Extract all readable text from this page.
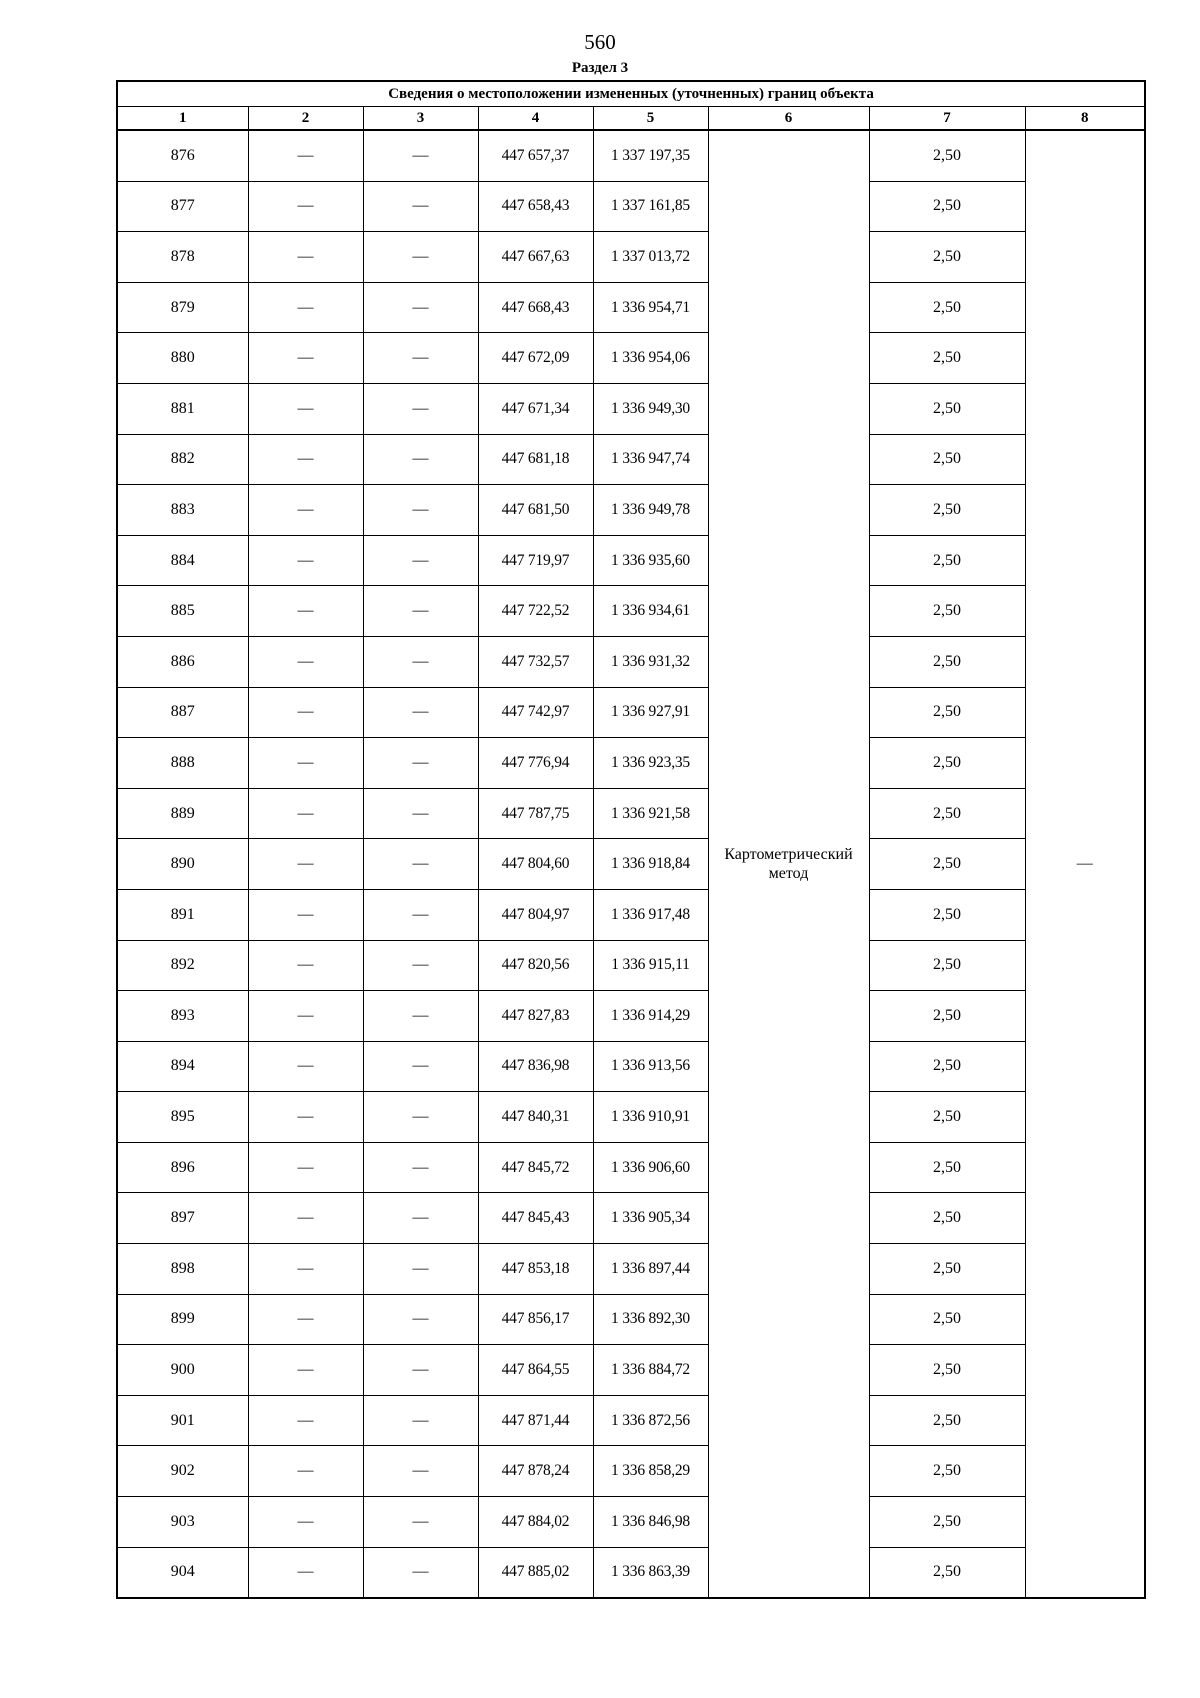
560
Раздел 3
Сведения о местоположении измененных (уточненных) границ объекта							
1	2	3	4	5	6	7	8
876	—	—	447 657,37	1 337 197,35	Картометрический метод	2,50	—
877	—	—	447 658,43	1 337 161,85		2,50	
878	—	—	447 667,63	1 337 013,72		2,50	
879	—	—	447 668,43	1 336 954,71		2,50	
880	—	—	447 672,09	1 336 954,06		2,50	
881	—	—	447 671,34	1 336 949,30		2,50	
882	—	—	447 681,18	1 336 947,74		2,50	
883	—	—	447 681,50	1 336 949,78		2,50	
884	—	—	447 719,97	1 336 935,60		2,50	
885	—	—	447 722,52	1 336 934,61		2,50	
886	—	—	447 732,57	1 336 931,32		2,50	
887	—	—	447 742,97	1 336 927,91		2,50	
888	—	—	447 776,94	1 336 923,35		2,50	
889	—	—	447 787,75	1 336 921,58		2,50	
890	—	—	447 804,60	1 336 918,84		2,50	
891	—	—	447 804,97	1 336 917,48		2,50	
892	—	—	447 820,56	1 336 915,11		2,50	
893	—	—	447 827,83	1 336 914,29		2,50	
894	—	—	447 836,98	1 336 913,56		2,50	
895	—	—	447 840,31	1 336 910,91		2,50	
896	—	—	447 845,72	1 336 906,60		2,50	
897	—	—	447 845,43	1 336 905,34		2,50	
898	—	—	447 853,18	1 336 897,44		2,50	
899	—	—	447 856,17	1 336 892,30		2,50	
900	—	—	447 864,55	1 336 884,72		2,50	
901	—	—	447 871,44	1 336 872,56		2,50	
902	—	—	447 878,24	1 336 858,29		2,50	
903	—	—	447 884,02	1 336 846,98		2,50	
904	—	—	447 885,02	1 336 863,39		2,50	
